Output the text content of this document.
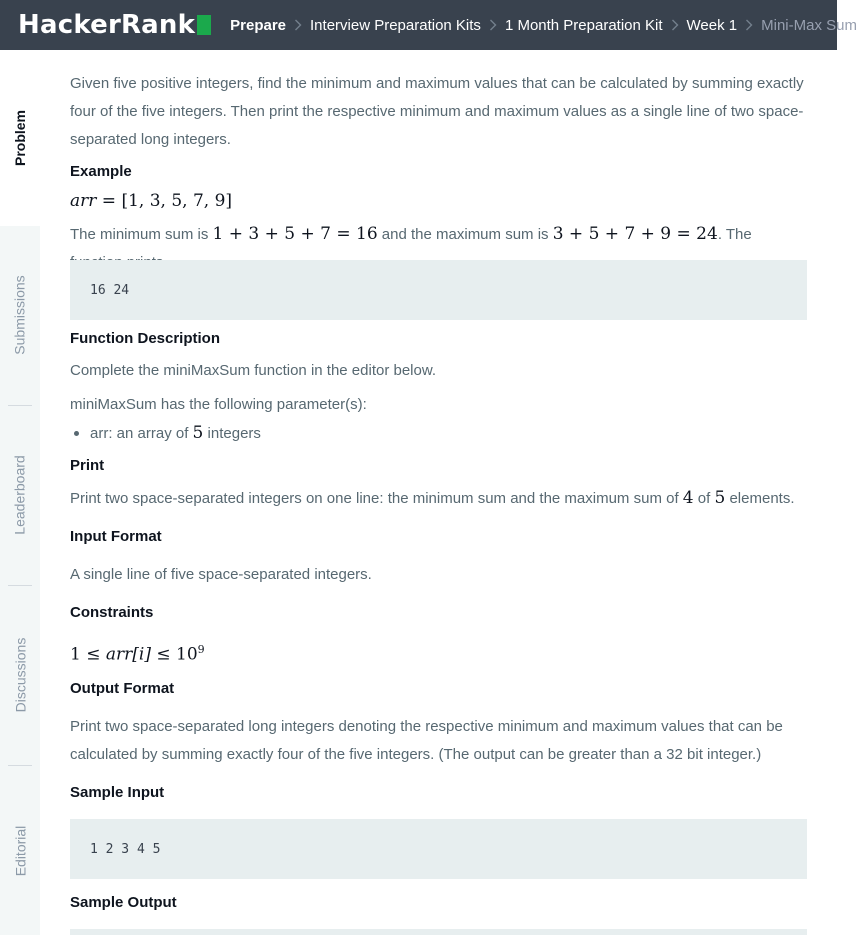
HackerRank Prepare Interview Preparation Kits 1 Month Preparation Kit Week 1 Mini-Max Sum
Problem
Submissions
Leaderboard
Discussions
Editorial

Given five positive integers, find the minimum and maximum values that can be calculated by summing exactly four of the five integers. Then print the respective minimum and maximum values as a single line of two space-separated long integers.

Example
arr = [1, 3, 5, 7, 9]

The minimum sum is 1 + 3 + 5 + 7 = 16 and the maximum sum is 3 + 5 + 7 + 9 = 24. The

16 24
Function Description

Complete the miniMaxSum function in the editor below.

miniMaxSum has the following parameter(s):

arr: an array of 5 integers
Print

Print two space-separated integers on one line: the minimum sum and the maximum sum of 4 of 5 elements.

Input Format

A single line of five space-separated integers.

Constraints
$1 \le arr[i] \le 10^9$
Output Format

Print two space-separated long integers denoting the respective minimum and maximum values that can be calculated by summing exactly four of the five integers. (The output can be greater than a 32 bit integer.)

Sample Input
1 2 3 4 5
Sample Output
